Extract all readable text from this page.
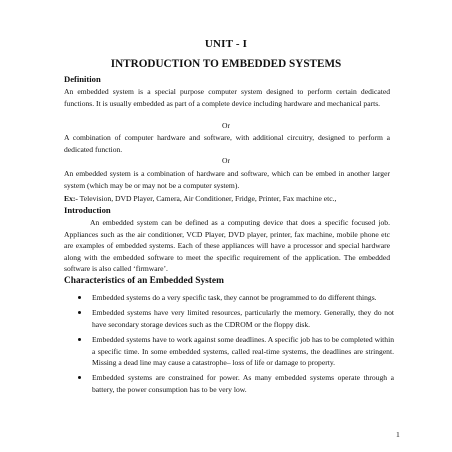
UNIT - I
INTRODUCTION TO EMBEDDED SYSTEMS
Definition

An embedded system is a special purpose computer system designed to perform certain dedicated functions. It is usually embedded as part of a complete device including hardware and mechanical parts.

Or

A combination of computer hardware and software, with additional circuitry, designed to perform a dedicated function.

Or

An embedded system is a combination of hardware and software, which can be embed in another larger system (which may be or may not be a computer system).

Ex:- Television, DVD Player, Camera, Air Conditioner, Fridge, Printer, Fax machine etc.,

Introduction

An embedded system can be defined as a computing device that does a specific focused job. Appliances such as the air conditioner, VCD Player, DVD player, printer, fax machine, mobile phone etc are examples of embedded systems. Each of these appliances will have a processor and special hardware along with the embedded software to meet the specific requirement of the application. The embedded software is also called ‘firmware’.

Characteristics of an Embedded System
Embedded systems do a very specific task, they cannot be programmed to do different things.
Embedded systems have very limited resources, particularly the memory. Generally, they do not have secondary storage devices such as the CDROM or the floppy disk.
Embedded systems have to work against some deadlines. A specific job has to be completed within a specific time. In some embedded systems, called real-time systems, the deadlines are stringent. Missing a dead line may cause a catastrophe– loss of life or damage to property.
Embedded systems are constrained for power. As many embedded systems operate through a battery, the power consumption has to be very low.
1
